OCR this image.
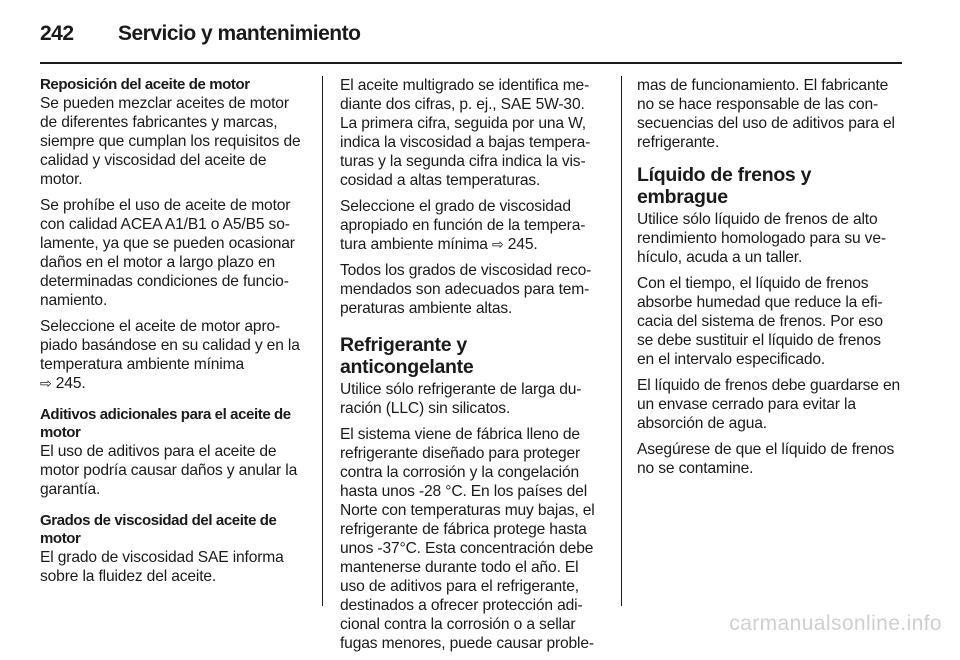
242 Servicio y mantenimiento
Reposición del aceite de motor

Se pueden mezclar aceites de motor de diferentes fabricantes y marcas, siempre que cumplan los requisitos de calidad y viscosidad del aceite de motor.

Se prohíbe el uso de aceite de motor con calidad ACEA A1/B1 o A5/B5 so-lamente, ya que se pueden ocasionar daños en el motor a largo plazo en determinadas condiciones de funcio-namiento.

Seleccione el aceite de motor apro-piado basándose en su calidad y en la temperatura ambiente mínima
⇨ 245.

Aditivos adicionales para el aceite de motor

El uso de aditivos para el aceite de motor podría causar daños y anular la garantía.

Grados de viscosidad del aceite de motor

El grado de viscosidad SAE informa sobre la fluidez del aceite.

El aceite multigrado se identifica me-diante dos cifras, p. ej., SAE 5W-30. La primera cifra, seguida por una W, indica la viscosidad a bajas tempera-turas y la segunda cifra indica la vis-cosidad a altas temperaturas.

Seleccione el grado de viscosidad apropiado en función de la tempera-tura ambiente mínima ⇨ 245.

Todos los grados de viscosidad reco-mendados son adecuados para tem-peraturas ambiente altas.

Refrigerante y anticongelante

Utilice sólo refrigerante de larga du-ración (LLC) sin silicatos.

El sistema viene de fábrica lleno de refrigerante diseñado para proteger contra la corrosión y la congelación hasta unos -28 °C. En los países del Norte con temperaturas muy bajas, el refrigerante de fábrica protege hasta unos -37°C. Esta concentración debe mantenerse durante todo el año. El uso de aditivos para el refrigerante, destinados a ofrecer protección adi-cional contra la corrosión o a sellar fugas menores, puede causar proble-

mas de funcionamiento. El fabricante no se hace responsable de las con-secuencias del uso de aditivos para el refrigerante.

Líquido de frenos y embrague

Utilice sólo líquido de frenos de alto rendimiento homologado para su ve-hículo, acuda a un taller.

Con el tiempo, el líquido de frenos absorbe humedad que reduce la efi-cacia del sistema de frenos. Por eso se debe sustituir el líquido de frenos en el intervalo especificado.

El líquido de frenos debe guardarse en un envase cerrado para evitar la absorción de agua.

Asegúrese de que el líquido de frenos no se contamine.

carmanualsonline.info
